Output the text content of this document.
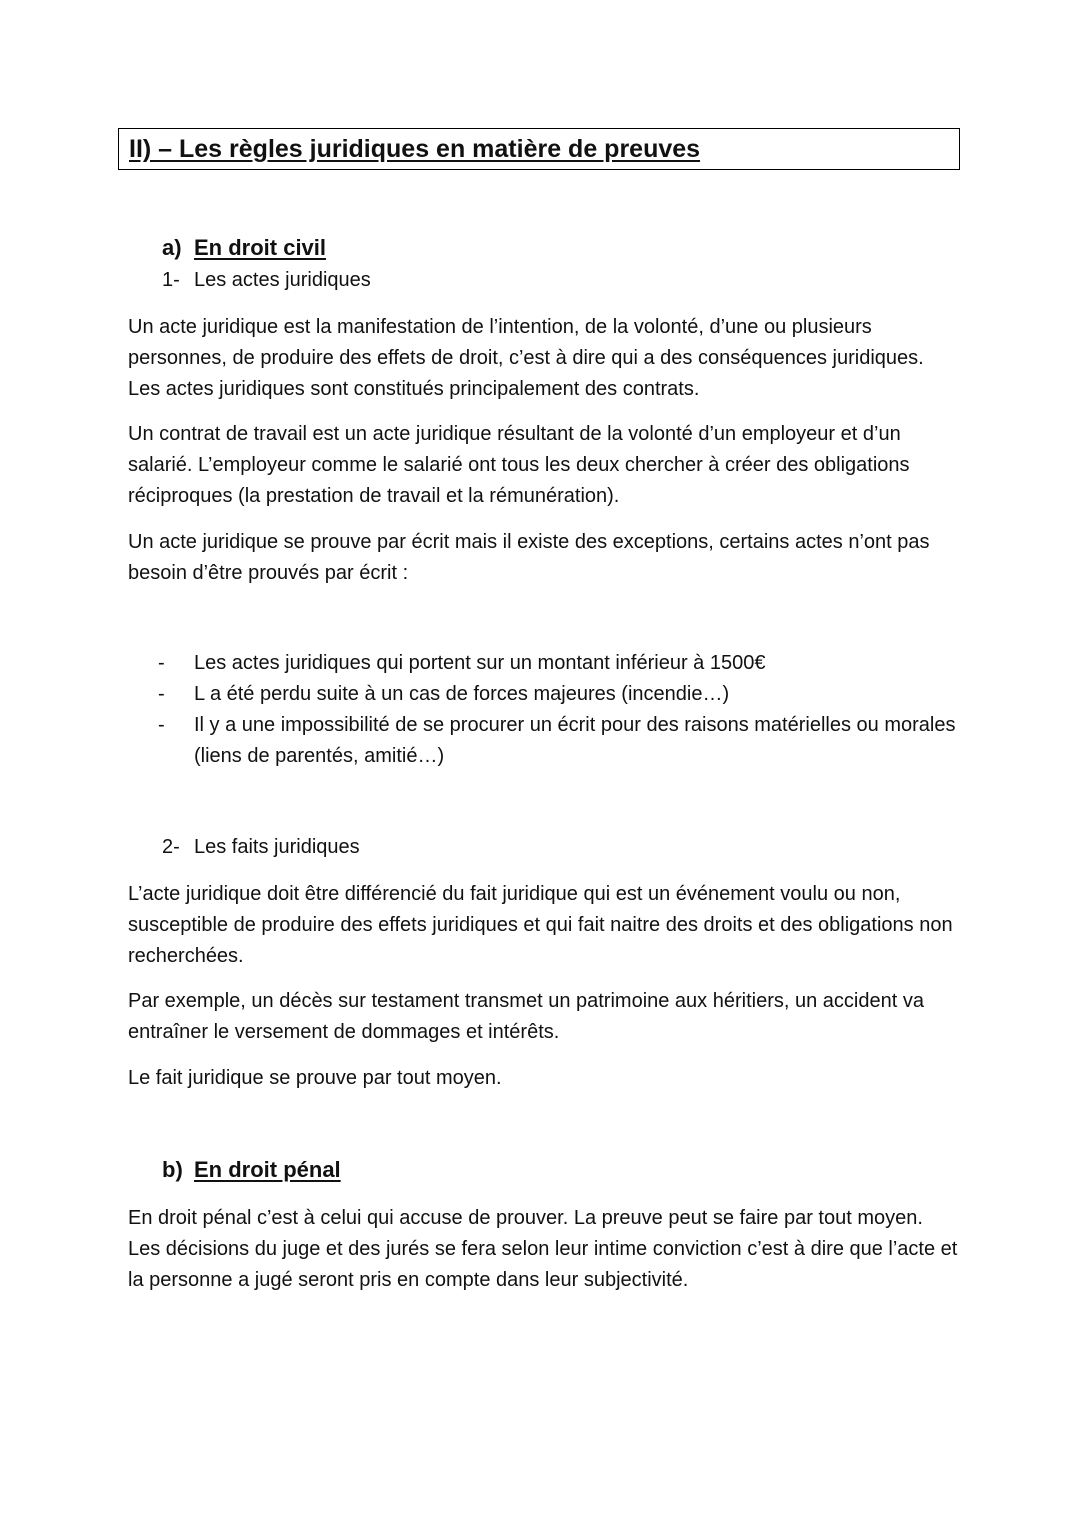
II) – Les règles juridiques en matière de preuves
a) En droit civil
1- Les actes juridiques

Un acte juridique est la manifestation de l’intention, de la volonté, d’une ou plusieurs personnes, de produire des effets de droit, c’est à dire qui a des conséquences juridiques. Les actes juridiques sont constitués principalement des contrats.

Un contrat de travail est un acte juridique résultant de la volonté d’un employeur et d’un salarié. L’employeur comme le salarié ont tous les deux chercher à créer des obligations réciproques (la prestation de travail et la rémunération).

Un acte juridique se prouve par écrit mais il existe des exceptions, certains actes n’ont pas besoin d’être prouvés par écrit :

- Les actes juridiques qui portent sur un montant inférieur à 1500€
- L a été perdu suite à un cas de forces majeures (incendie…)
- Il y a une impossibilité de se procurer un écrit pour des raisons matérielles ou morales (liens de parentés, amitié…)
2- Les faits juridiques

L’acte juridique doit être différencié du fait juridique qui est un événement voulu ou non, susceptible de produire des effets juridiques et qui fait naitre des droits et des obligations non recherchées.

Par exemple, un décès sur testament transmet un patrimoine aux héritiers, un accident va entraîner le versement de dommages et intérêts.

Le fait juridique se prouve par tout moyen.

b) En droit pénal

En droit pénal c’est à celui qui accuse de prouver. La preuve peut se faire par tout moyen. Les décisions du juge et des jurés se fera selon leur intime conviction c’est à dire que l’acte et la personne a jugé seront pris en compte dans leur subjectivité.
